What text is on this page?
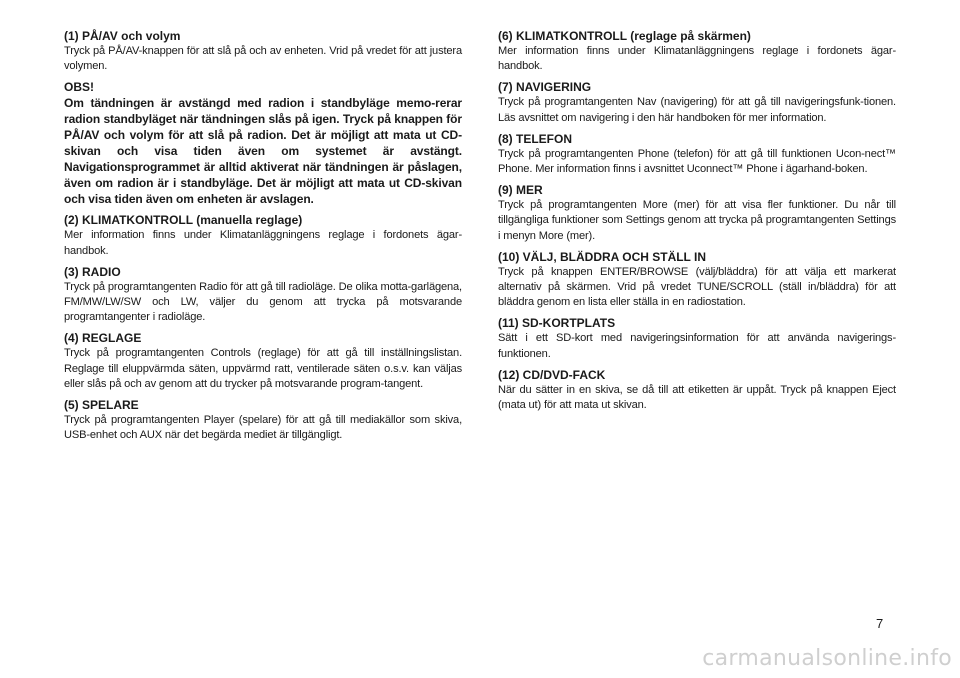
(1) PÅ/AV och volym

Tryck på PÅ/AV-knappen för att slå på och av enheten. Vrid på vredet för att justera volymen.

OBS!

Om tändningen är avstängd med radion i standbyläge memo-rerar radion standbyläget när tändningen slås på igen. Tryck på knappen för PÅ/AV och volym för att slå på radion. Det är möjligt att mata ut CD-skivan och visa tiden även om systemet är avstängt. Navigationsprogrammet är alltid aktiverat när tändningen är påslagen, även om radion är i standbyläge. Det är möjligt att mata ut CD-skivan och visa tiden även om enheten är avslagen.

(2) KLIMATKONTROLL (manuella reglage)

Mer information finns under Klimatanläggningens reglage i fordonets ägar-handbok.

(3) RADIO

Tryck på programtangenten Radio för att gå till radioläge. De olika motta-garlägena, FM/MW/LW/SW och LW, väljer du genom att trycka på motsvarande programtangenter i radioläge.

(4) REGLAGE

Tryck på programtangenten Controls (reglage) för att gå till inställningslistan. Reglage till eluppvärmda säten, uppvärmd ratt, ventilerade säten o.s.v. kan väljas eller slås på och av genom att du trycker på motsvarande program-tangent.

(5) SPELARE

Tryck på programtangenten Player (spelare) för att gå till mediakällor som skiva, USB-enhet och AUX när det begärda mediet är tillgängligt.

(6) KLIMATKONTROLL (reglage på skärmen)

Mer information finns under Klimatanläggningens reglage i fordonets ägar-handbok.

(7) NAVIGERING

Tryck på programtangenten Nav (navigering) för att gå till navigeringsfunk-tionen. Läs avsnittet om navigering i den här handboken för mer information.

(8) TELEFON

Tryck på programtangenten Phone (telefon) för att gå till funktionen Ucon-nect™ Phone. Mer information finns i avsnittet Uconnect™ Phone i ägarhand-boken.

(9) MER

Tryck på programtangenten More (mer) för att visa fler funktioner. Du når till tillgängliga funktioner som Settings genom att trycka på programtangenten Settings i menyn More (mer).

(10) VÄLJ, BLÄDDRA OCH STÄLL IN

Tryck på knappen ENTER/BROWSE (välj/bläddra) för att välja ett markerat alternativ på skärmen. Vrid på vredet TUNE/SCROLL (ställ in/bläddra) för att bläddra genom en lista eller ställa in en radiostation.

(11) SD-KORTPLATS

Sätt i ett SD-kort med navigeringsinformation för att använda navigerings-funktionen.

(12) CD/DVD-FACK

När du sätter in en skiva, se då till att etiketten är uppåt. Tryck på knappen Eject (mata ut) för att mata ut skivan.

7
carmanualsonline.info
